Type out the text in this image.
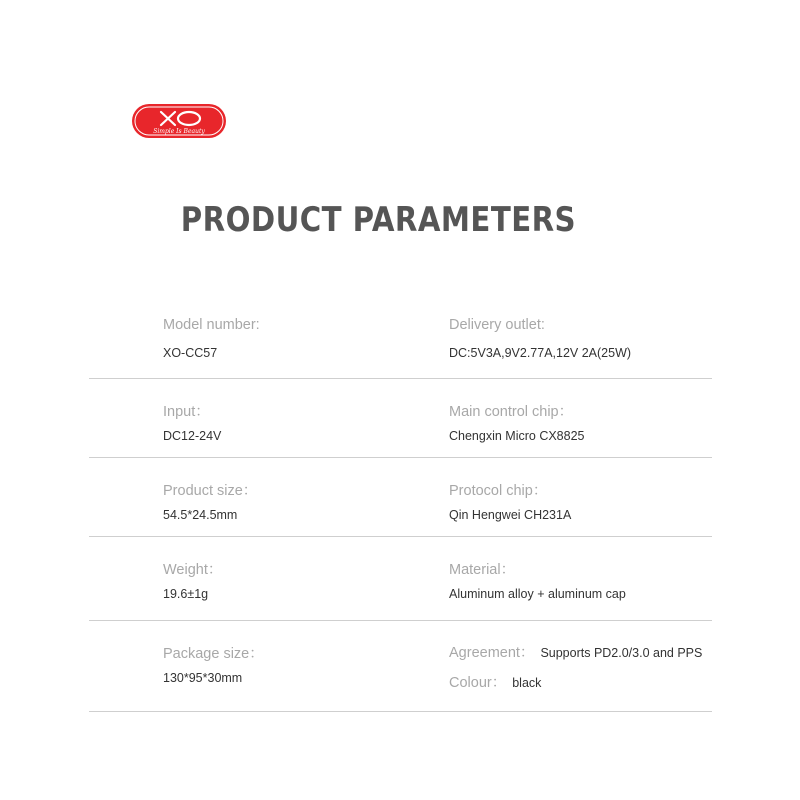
Simple Is Beauty
PRODUCT PARAMETERS
Model number:
XO-CC57
Delivery outlet:
DC:5V3A,9V2.77A,12V 2A(25W)
Input：
DC12-24V
Main control chip：
Chengxin Micro CX8825
Product size：
54.5*24.5mm
Protocol chip：
Qin Hengwei CH231A
Weight：
19.6±1g
Material：
Aluminum alloy + aluminum cap
Package size：
130*95*30mm
Agreement： Supports PD2.0/3.0 and PPS
Colour： black
